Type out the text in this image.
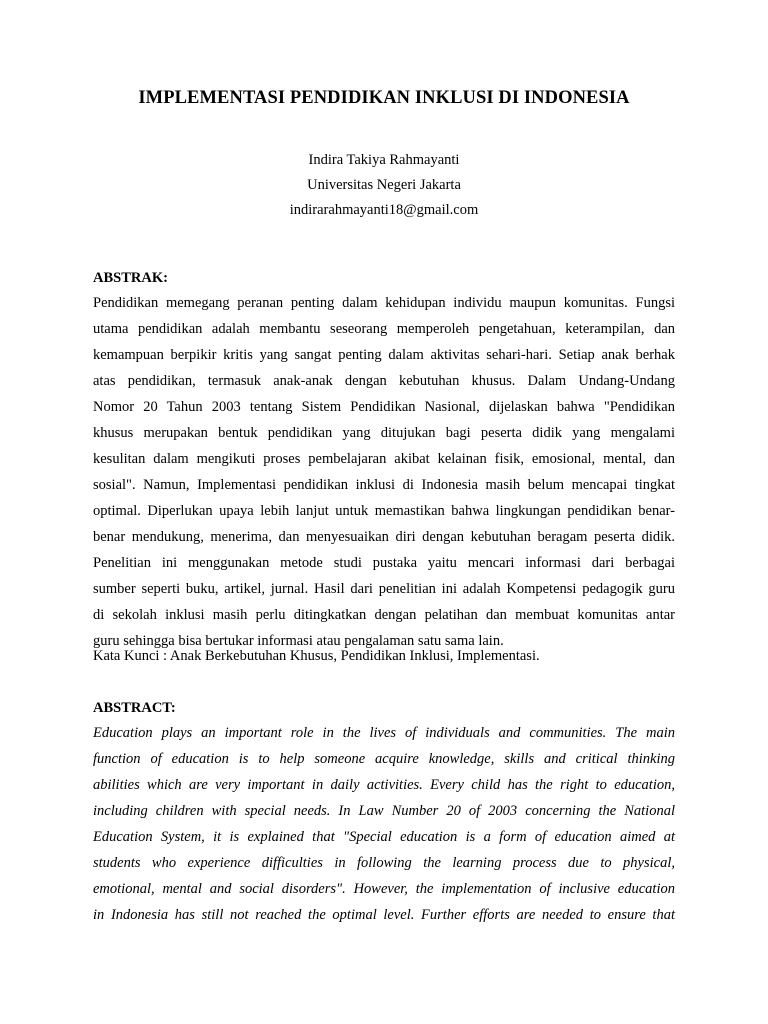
IMPLEMENTASI PENDIDIKAN INKLUSI DI INDONESIA
Indira Takiya Rahmayanti
Universitas Negeri Jakarta
indirarahmayanti18@gmail.com
ABSTRAK:
Pendidikan memegang peranan penting dalam kehidupan individu maupun komunitas. Fungsi
utama pendidikan adalah membantu seseorang memperoleh pengetahuan, keterampilan, dan
kemampuan berpikir kritis yang sangat penting dalam aktivitas sehari-hari. Setiap anak berhak
atas pendidikan, termasuk anak-anak dengan kebutuhan khusus. Dalam Undang-Undang
Nomor 20 Tahun 2003 tentang Sistem Pendidikan Nasional, dijelaskan bahwa "Pendidikan
khusus merupakan bentuk pendidikan yang ditujukan bagi peserta didik yang mengalami
kesulitan dalam mengikuti proses pembelajaran akibat kelainan fisik, emosional, mental, dan
sosial". Namun, Implementasi pendidikan inklusi di Indonesia masih belum mencapai tingkat
optimal. Diperlukan upaya lebih lanjut untuk memastikan bahwa lingkungan pendidikan benar-
benar mendukung, menerima, dan menyesuaikan diri dengan kebutuhan beragam peserta didik.
Penelitian ini menggunakan metode studi pustaka yaitu mencari informasi dari berbagai
sumber seperti buku, artikel, jurnal. Hasil dari penelitian ini adalah Kompetensi pedagogik guru
di sekolah inklusi masih perlu ditingkatkan dengan pelatihan dan membuat komunitas antar
guru sehingga bisa bertukar informasi atau pengalaman satu sama lain.
Kata Kunci : Anak Berkebutuhan Khusus, Pendidikan Inklusi, Implementasi.
ABSTRACT:
Education plays an important role in the lives of individuals and communities. The main
function of education is to help someone acquire knowledge, skills and critical thinking
abilities which are very important in daily activities. Every child has the right to education,
including children with special needs. In Law Number 20 of 2003 concerning the National
Education System, it is explained that "Special education is a form of education aimed at
students who experience difficulties in following the learning process due to physical,
emotional, mental and social disorders". However, the implementation of inclusive education
in Indonesia has still not reached the optimal level. Further efforts are needed to ensure that
